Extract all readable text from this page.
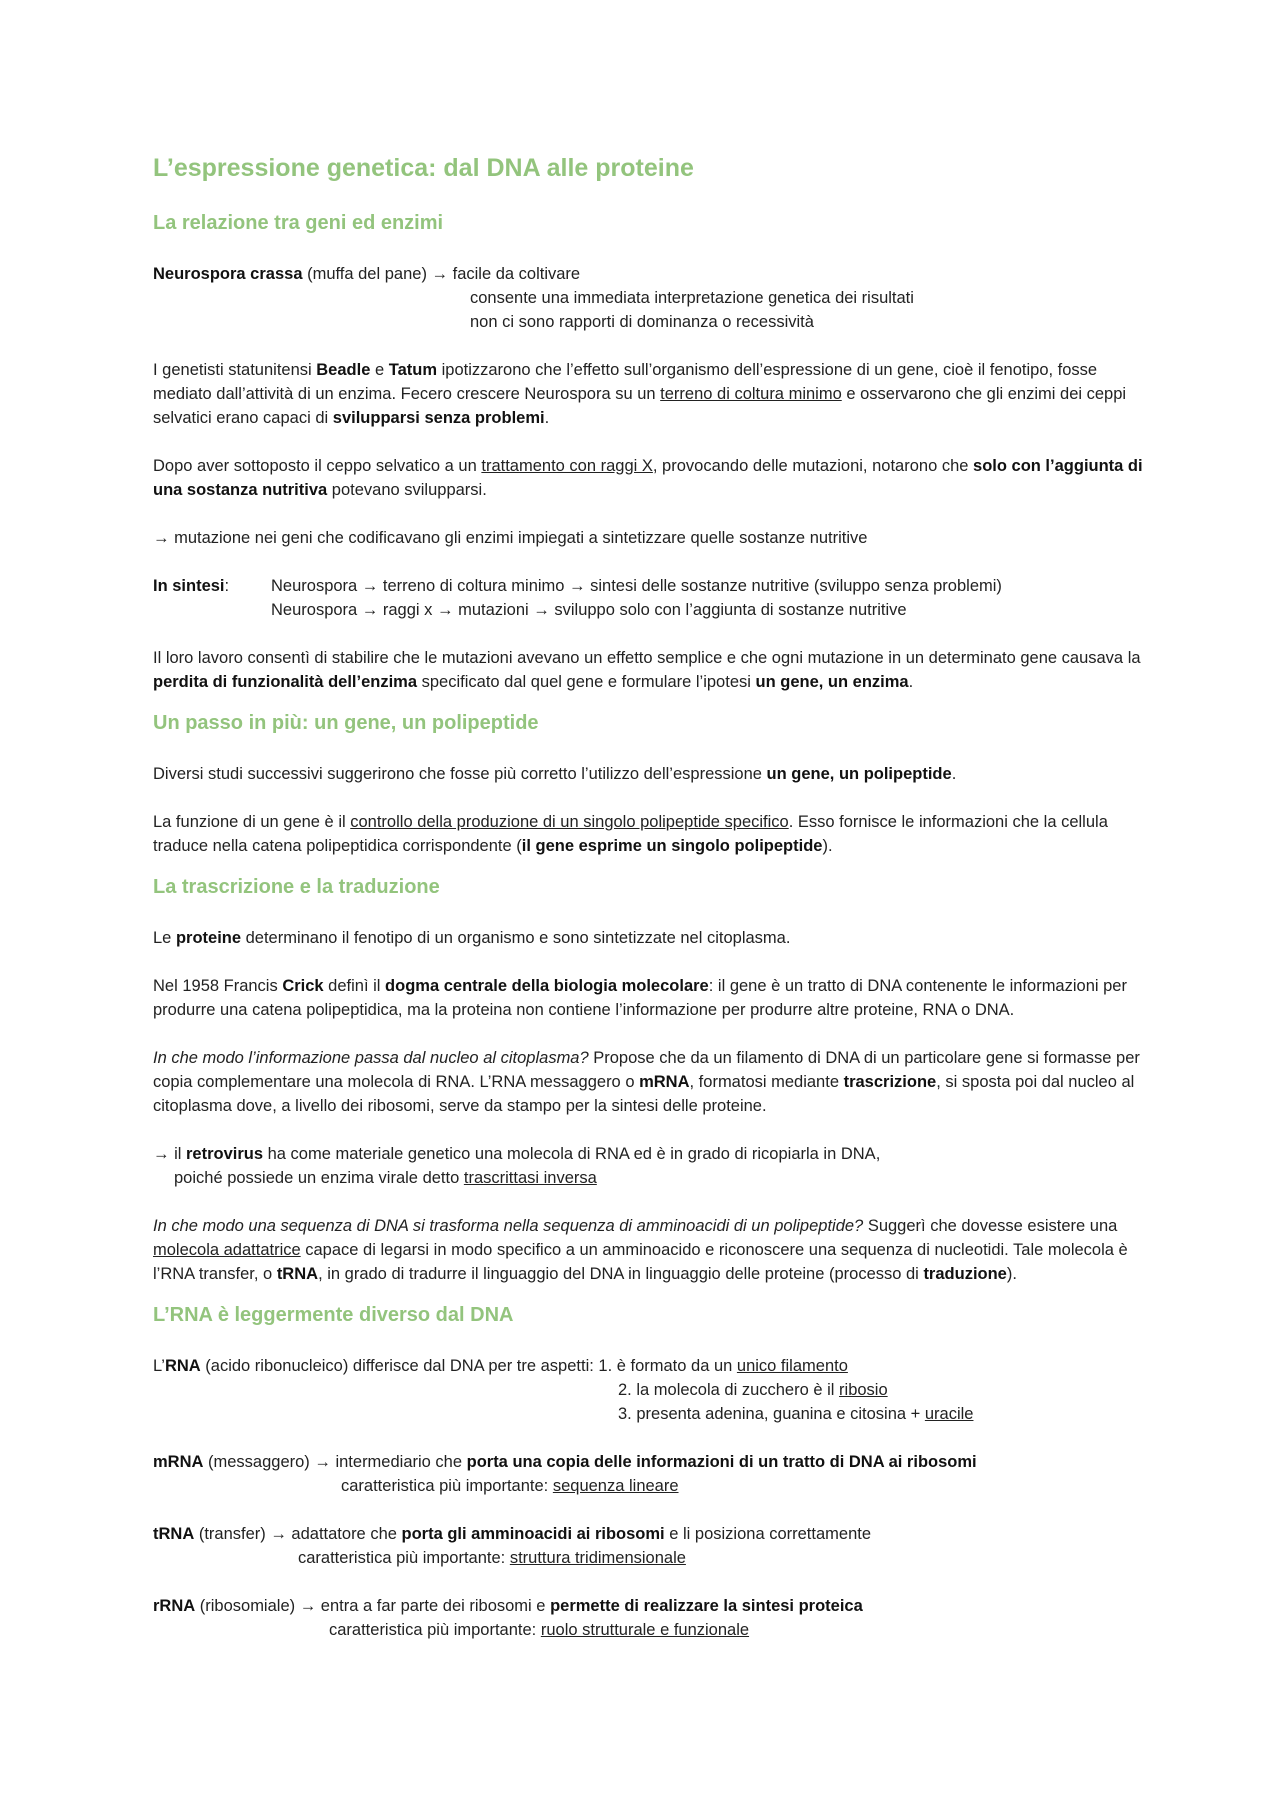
L’espressione genetica: dal DNA alle proteine
La relazione tra geni ed enzimi
Neurospora crassa (muffa del pane) → facile da coltivare
consente una immediata interpretazione genetica dei risultati
non ci sono rapporti di dominanza o recessività

I genetisti statunitensi Beadle e Tatum ipotizzarono che l’effetto sull’organismo dell’espressione di un gene, cioè il fenotipo, fosse mediato dall’attività di un enzima. Fecero crescere Neurospora su un terreno di coltura minimo e osservarono che gli enzimi dei ceppi selvatici erano capaci di svilupparsi senza problemi.

Dopo aver sottoposto il ceppo selvatico a un trattamento con raggi X, provocando delle mutazioni, notarono che solo con l’aggiunta di una sostanza nutritiva potevano svilupparsi.

→ mutazione nei geni che codificavano gli enzimi impiegati a sintetizzare quelle sostanze nutritive

In sintesi:	Neurospora → terreno di coltura minimo → sintesi delle sostanze nutritive (sviluppo senza problemi)
Neurospora → raggi x → mutazioni → sviluppo solo con l’aggiunta di sostanze nutritive

Il loro lavoro consentì di stabilire che le mutazioni avevano un effetto semplice e che ogni mutazione in un determinato gene causava la perdita di funzionalità dell’enzima specificato dal quel gene e formulare l’ipotesi un gene, un enzima.

Un passo in più: un gene, un polipeptide

Diversi studi successivi suggerirono che fosse più corretto l’utilizzo dell’espressione un gene, un polipeptide.

La funzione di un gene è il controllo della produzione di un singolo polipeptide specifico. Esso fornisce le informazioni che la cellula traduce nella catena polipeptidica corrispondente (il gene esprime un singolo polipeptide).

La trascrizione e la traduzione

Le proteine determinano il fenotipo di un organismo e sono sintetizzate nel citoplasma.

Nel 1958 Francis Crick definì il dogma centrale della biologia molecolare: il gene è un tratto di DNA contenente le informazioni per produrre una catena polipeptidica, ma la proteina non contiene l’informazione per produrre altre proteine, RNA o DNA.

In che modo l’informazione passa dal nucleo al citoplasma? Propose che da un filamento di DNA di un particolare gene si formasse per copia complementare una molecola di RNA. L’RNA messaggero o mRNA, formatosi mediante trascrizione, si sposta poi dal nucleo al citoplasma dove, a livello dei ribosomi, serve da stampo per la sintesi delle proteine.

→ il retrovirus ha come materiale genetico una molecola di RNA ed è in grado di ricopiarla in DNA,
poiché possiede un enzima virale detto trascrittasi inversa

In che modo una sequenza di DNA si trasforma nella sequenza di amminoacidi di un polipeptide? Suggerì che dovesse esistere una molecola adattatrice capace di legarsi in modo specifico a un amminoacido e riconoscere una sequenza di nucleotidi. Tale molecola è l’RNA transfer, o tRNA, in grado di tradurre il linguaggio del DNA in linguaggio delle proteine (processo di traduzione).

L’RNA è leggermente diverso dal DNA
L’RNA (acido ribonucleico) differisce dal DNA per tre aspetti: 1. è formato da un unico filamento
2. la molecola di zucchero è il ribosio
3. presenta adenina, guanina e citosina + uracile
mRNA (messaggero) → intermediario che porta una copia delle informazioni di un tratto di DNA ai ribosomi
caratteristica più importante: sequenza lineare
tRNA (transfer) → adattatore che porta gli amminoacidi ai ribosomi e li posiziona correttamente
caratteristica più importante: struttura tridimensionale
rRNA (ribosomiale) → entra a far parte dei ribosomi e permette di realizzare la sintesi proteica
caratteristica più importante: ruolo strutturale e funzionale
